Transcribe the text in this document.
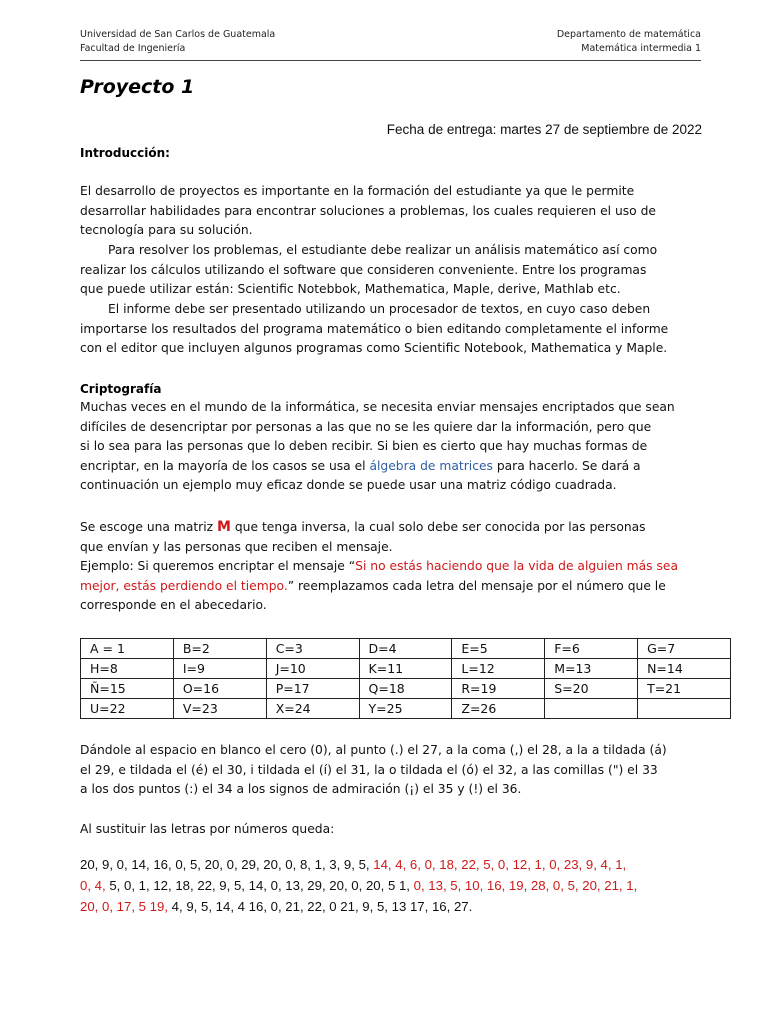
Universidad de San Carlos de Guatemala
Facultad de Ingeniería
Departamento de matemática
Matemática intermedia 1
Proyecto 1
Fecha de entrega: martes 27 de septiembre de 2022
Introducción:
El desarrollo de proyectos es importante en la formación del estudiante ya que le permite
desarrollar habilidades para encontrar soluciones a problemas, los cuales requieren el uso de
tecnología para su solución.
Para resolver los problemas, el estudiante debe realizar un análisis matemático así como
realizar los cálculos utilizando el software que consideren conveniente. Entre los programas
que puede utilizar están: Scientific Notebbok, Mathematica, Maple, derive, Mathlab etc.
El informe debe ser presentado utilizando un procesador de textos, en cuyo caso deben
importarse los resultados del programa matemático o bien editando completamente el informe
con el editor que incluyen algunos programas como Scientific Notebook, Mathematica y Maple.
Criptografía
Muchas veces en el mundo de la informática, se necesita enviar mensajes encriptados que sean
difíciles de desencriptar por personas a las que no se les quiere dar la información, pero que
si lo sea para las personas que lo deben recibir. Si bien es cierto que hay muchas formas de
encriptar, en la mayoría de los casos se usa el álgebra de matrices para hacerlo. Se dará a
continuación un ejemplo muy eficaz donde se puede usar una matriz código cuadrada.
Se escoge una matriz M que tenga inversa, la cual solo debe ser conocida por las personas
que envían y las personas que reciben el mensaje.
Ejemplo: Si queremos encriptar el mensaje “Si no estás haciendo que la vida de alguien más sea
mejor, estás perdiendo el tiempo.” reemplazamos cada letra del mensaje por el número que le
corresponde en el abecedario.
A = 1	B=2	C=3	D=4	E=5	F=6	G=7
H=8	I=9	J=10	K=11	L=12	M=13	N=14
Ñ=15	O=16	P=17	Q=18	R=19	S=20	T=21
U=22	V=23	X=24	Y=25	Z=26		
Dándole al espacio en blanco el cero (0), al punto (.) el 27, a la coma (,) el 28, a la a tildada (á)
el 29, e tildada el (é) el 30, i tildada el (í) el 31, la o tildada el (ó) el 32, a las comillas (") el 33
a los dos puntos (:) el 34 a los signos de admiración (¡) el 35 y (!) el 36.
Al sustituir las letras por números queda:
20, 9, 0, 14, 16, 0, 5, 20, 0, 29, 20, 0, 8, 1, 3, 9, 5, 14, 4, 6, 0, 18, 22, 5, 0, 12, 1, 0, 23, 9, 4, 1,
0, 4, 5, 0, 1, 12, 18, 22, 9, 5, 14, 0, 13, 29, 20, 0, 20, 5 1, 0, 13, 5, 10, 16, 19, 28, 0, 5, 20, 21, 1,
20, 0, 17, 5 19, 4, 9, 5, 14, 4 16, 0, 21, 22, 0 21, 9, 5, 13 17, 16, 27.
